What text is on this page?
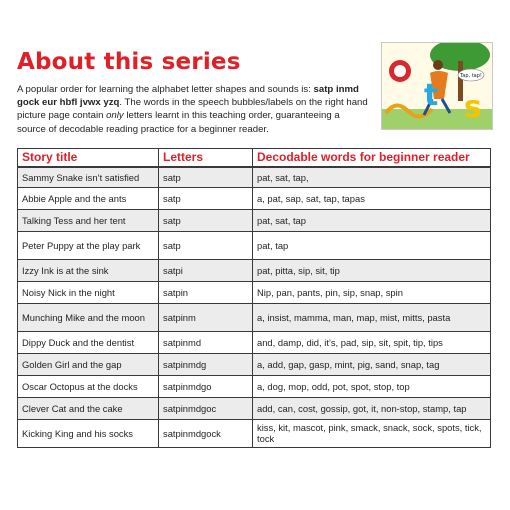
About this series

A popular order for learning the alphabet letter shapes and sounds is: satp inmd gock eur hbfl jvwx yzq. The words in the speech bubbles/labels on the right hand picture page contain only letters learnt in this teaching order, guaranteeing a source of decodable reading practice for a beginner reader.

t s
Tap, tap!
Story title	Letters	Decodable words for beginner reader
Sammy Snake isn’t satisfied	satp	pat, sat, tap,
Abbie Apple and the ants	satp	a, pat, sap, sat, tap, tapas
Talking Tess and her tent	satp	pat, sat, tap
Peter Puppy at the play park	satp	pat, tap
Izzy Ink is at the sink	satpi	pat, pitta, sip, sit, tip
Noisy Nick in the night	satpin	Nip, pan, pants, pin, sip, snap, spin
Munching Mike and the moon	satpinm	a, insist, mamma, man, map, mist, mitts, pasta
Dippy Duck and the dentist	satpinmd	and, damp, did, it’s, pad, sip, sit, spit, tip, tips
Golden Girl and the gap	satpinmdg	a, add, gap, gasp, mint, pig, sand, snap, tag
Oscar Octopus at the docks	satpinmdgo	a, dog, mop, odd, pot, spot, stop, top
Clever Cat and the cake	satpinmdgoc	add, can, cost, gossip, got, it, non-stop, stamp, tap
Kicking King and his socks	satpinmdgock	kiss, kit, mascot, pink, smack, snack, sock, spots, tick, tock
